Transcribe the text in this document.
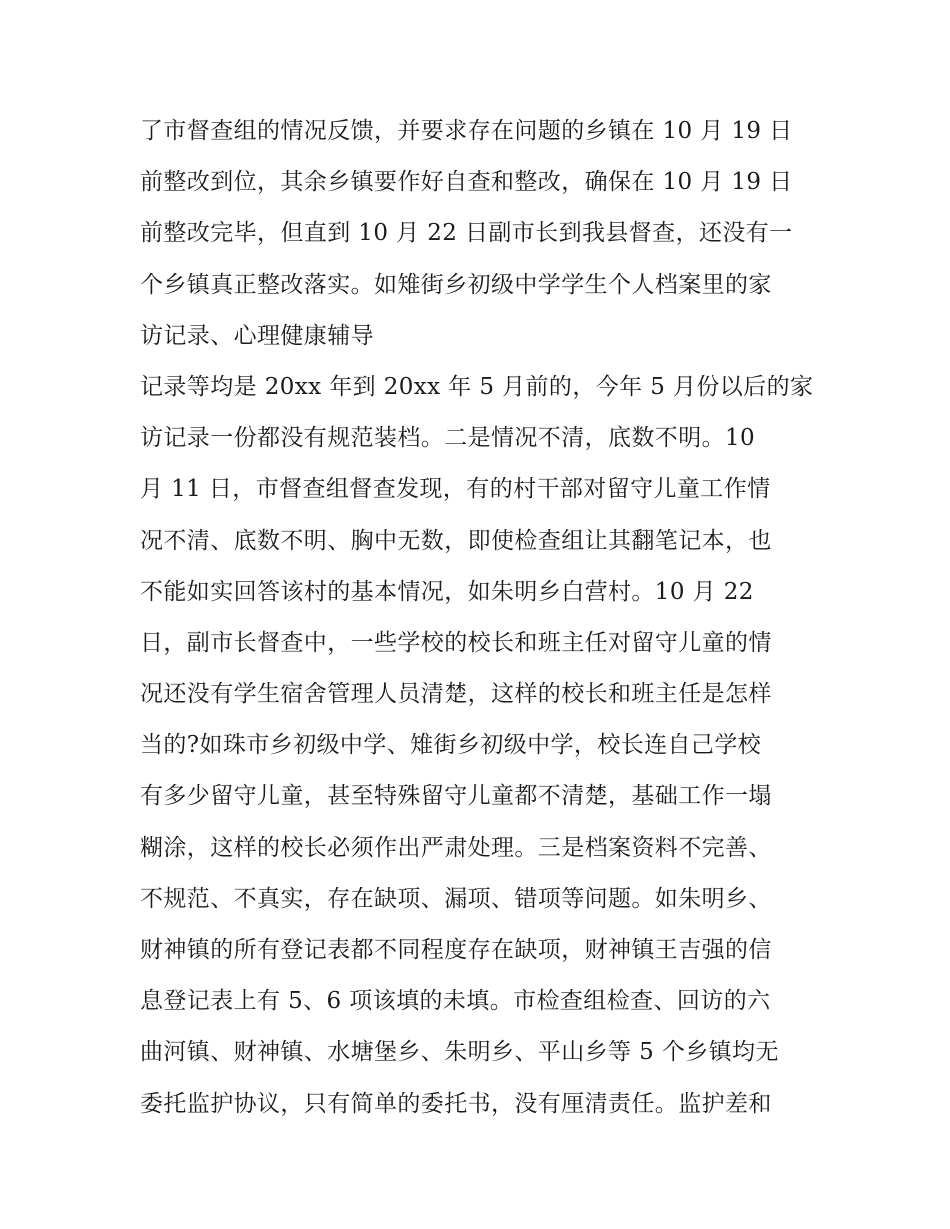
了市督查组的情况反馈，并要求存在问题的乡镇在 10 月 19 日
前整改到位，其余乡镇要作好自查和整改，确保在 10 月 19 日
前整改完毕，但直到 10 月 22 日副市长到我县督查，还没有一
个乡镇真正整改落实。如雉街乡初级中学学生个人档案里的家
访记录、心理健康辅导
记录等均是 20xx 年到 20xx 年 5 月前的，今年 5 月份以后的家
访记录一份都没有规范装档。二是情况不清，底数不明。10
月 11 日，市督查组督查发现，有的村干部对留守儿童工作情
况不清、底数不明、胸中无数，即使检查组让其翻笔记本，也
不能如实回答该村的基本情况，如朱明乡白营村。10 月 22
日，副市长督查中，一些学校的校长和班主任对留守儿童的情
况还没有学生宿舍管理人员清楚，这样的校长和班主任是怎样
当的?如珠市乡初级中学、雉街乡初级中学，校长连自己学校
有多少留守儿童，甚至特殊留守儿童都不清楚，基础工作一塌
糊涂，这样的校长必须作出严肃处理。三是档案资料不完善、
不规范、不真实，存在缺项、漏项、错项等问题。如朱明乡、
财神镇的所有登记表都不同程度存在缺项，财神镇王吉强的信
息登记表上有 5、6 项该填的未填。市检查组检查、回访的六
曲河镇、财神镇、水塘堡乡、朱明乡、平山乡等 5 个乡镇均无
委托监护协议，只有简单的委托书，没有厘清责任。监护差和
